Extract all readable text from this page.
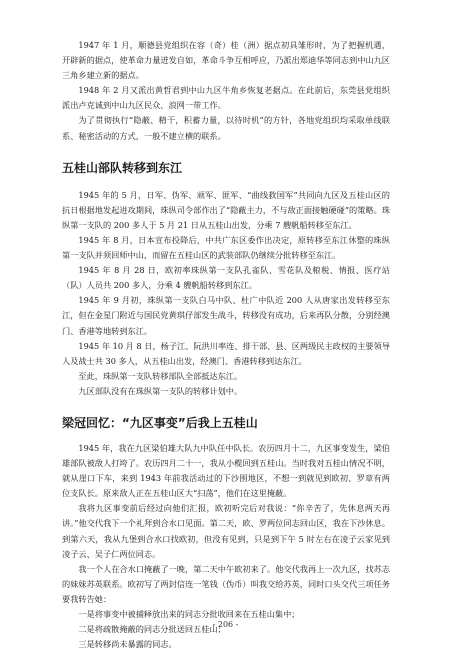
1947 年 1 月，顺德县党组织在容（奇）桂（洲）据点初具雏形时，为了把握机遇，开辟新的据点，使革命力量迸发自如，革命斗争互相呼应，乃派出郑迪华等同志到中山九区三角乡建立新的据点。

1948 年 2 月又派出黄哲君到中山九区牛角乡恢复老据点。在此前后，东莞县党组织派出卢克诚到中山九区民众、浪网一带工作。

为了贯彻执行“隐蔽、精干，积蓄力量，以待时机”的方针，各地党组织均采取单线联系、秘密活动的方式，一般不建立横的联系。

五桂山部队转移到东江

1945 年的 5 月，日军、伪军、顽军、匪军、“曲线救国军”共同向九区及五桂山区的抗日根据地发起进攻期间，珠纵司令部作出了“隐蔽主力，不与敌正面接触硬碰”的策略。珠纵第一支队的 200 多人于 5 月 21 日从五桂山出发，分乘 7 艘帆船转移至东江。

1945 年 8 月，日本宣布投降后，中共广东区委作出决定，原转移至东江休整的珠纵第一支队并须回师中山，而留在五桂山区的武装部队仍继续分批转移至东江。

1945 年 8 月 28 日，欧初率珠纵第一支队孔雀队、雪花队及粮税、情报、医疗站（队）人员共 200 多人，分乘 4 艘帆船转移到东江。

1945 年 9 月初，珠纵第一支队白马中队、杜广中队近 200 人从唐家出发转移至东江，但在金星门附近与国民党黄琪仔部发生战斗，转移没有成功，后来再队分散，分别经澳门、香港等地转到东江。

1945 年 10 月 8 日，杨子江、阮洪川率连、排干部、县、区两级民主政权的主要领导人及战士共 30 多人，从五桂山出发，经澳门、香港转移到达东江。

至此，珠纵第一支队转移部队全部抵达东江。

九区部队没有在珠纵第一支队的转移计划中。

梁冠回忆：“九区事变”后我上五桂山

1945 年，我在九区梁伯雄大队九中队任中队长。农历四月十二，九区事变发生，梁伯雄部队被敌人打垮了。农历四月二十一，我从小榄回到五桂山。当时我对五桂山情况不明，就从崖口下车，来到 1943 年前我活动过的下沙围地区，不想一到就见到欧初、罗章有两位支队长。原来敌人正在五桂山区大“扫荡”，他们在这里掩蔽。

我将九区事变前后经过向他们汇报，欧初听完后对我说：“你辛苦了，先休息两天再讲。”他交代我下一个礼拜到合水口见面。第二天，欧、罗两位同志回山区，我在下沙休息。到第六天，我从九堡到合水口找欧初，但没有见到，只是到下午 5 时左右在凌子云家见到凌子云、吴子仁两位同志。

我一个人在合水口掩蔽了一晚，第二天中午欧初来了。他交代我再上一次九区，找苏志的妹妹苏英联系。欧初写了两封信连一笔钱（伪币）叫我交给苏英，同时口头交代三项任务要我转告她：

一是将事变中被捕释放出来的同志分批收回来在五桂山集中；

二是将疏散掩蔽的同志分批送回五桂山；

三是转移尚未暴露的同志。

- 206 -
